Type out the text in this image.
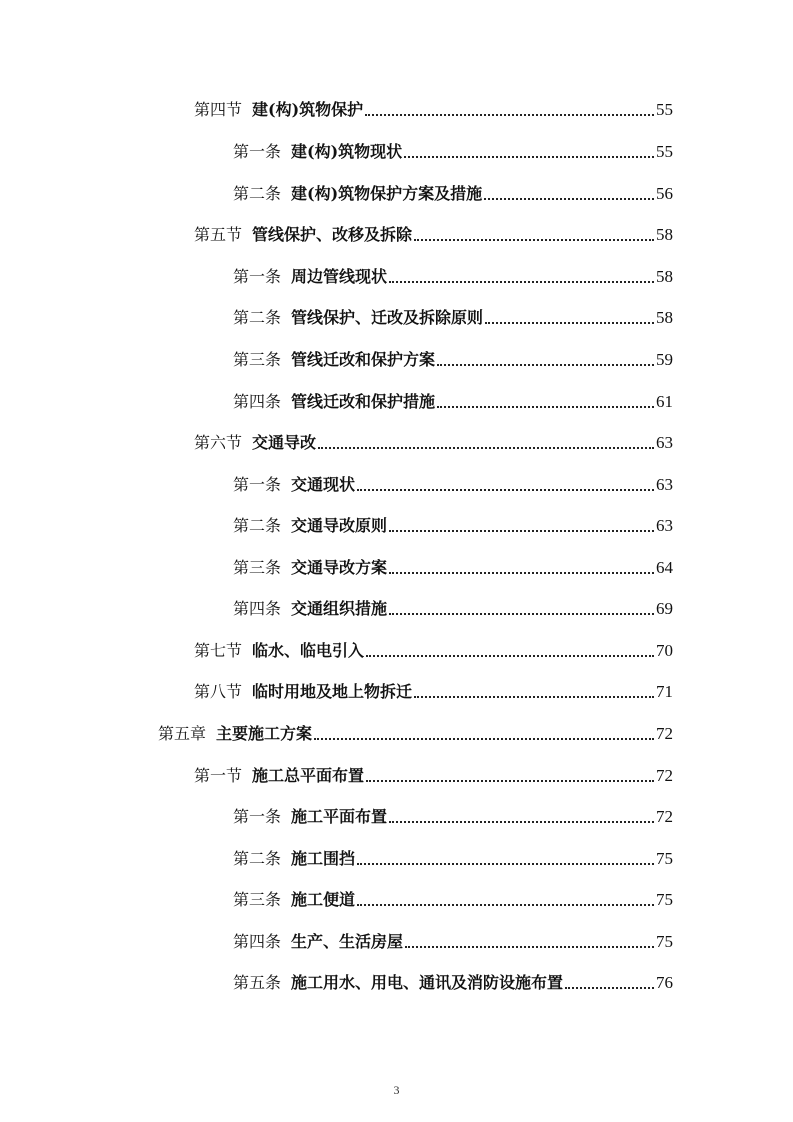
第四节 建(构)筑物保护	55
第一条 建(构)筑物现状	55
第二条 建(构)筑物保护方案及措施	56
第五节 管线保护、改移及拆除	58
第一条 周边管线现状	58
第二条 管线保护、迁改及拆除原则	58
第三条 管线迁改和保护方案	59
第四条 管线迁改和保护措施	61
第六节 交通导改	63
第一条 交通现状	63
第二条 交通导改原则	63
第三条 交通导改方案	64
第四条 交通组织措施	69
第七节 临水、临电引入	70
第八节 临时用地及地上物拆迁	71
第五章 主要施工方案	72
第一节 施工总平面布置	72
第一条 施工平面布置	72
第二条 施工围挡	75
第三条 施工便道	75
第四条 生产、生活房屋	75
第五条 施工用水、用电、通讯及消防设施布置	76
3
